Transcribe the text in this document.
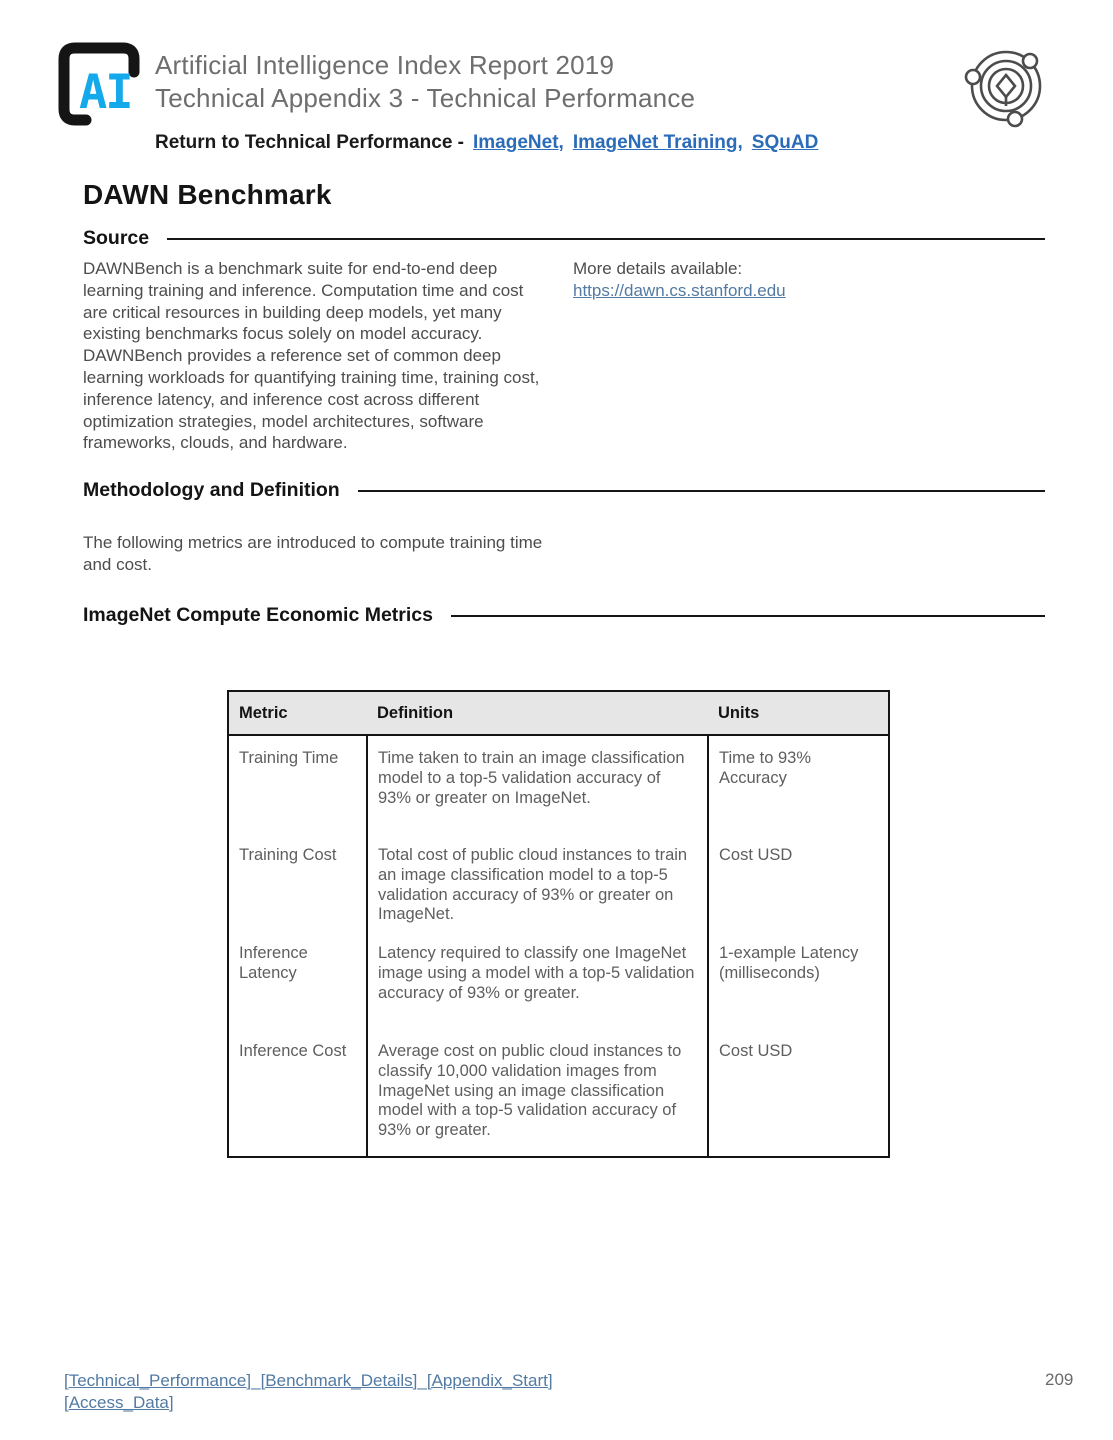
AI Artificial Intelligence Index Report 2019
Technical Appendix 3 - Technical Performance
Return to Technical Performance - ImageNet, ImageNet Training, SQuAD
DAWN Benchmark
Source

DAWNBench is a benchmark suite for end-to-end deep learning training and inference. Computation time and cost are critical resources in building deep models, yet many existing benchmarks focus solely on model accuracy. DAWNBench provides a reference set of common deep learning workloads for quantifying training time, training cost, inference latency, and inference cost across different optimization strategies, model architectures, software frameworks, clouds, and hardware.

More details available:
https://dawn.cs.stanford.edu
Methodology and Definition

The following metrics are introduced to compute training time and cost.

ImageNet Compute Economic Metrics
Metric	Definition	Units
Training Time	Time taken to train an image classification model to a top-5 validation accuracy of 93% or greater on ImageNet.	Time to 93% Accuracy
Training Cost	Total cost of public cloud instances to train an image classification model to a top-5 validation accuracy of 93% or greater on ImageNet.	Cost USD
Inference Latency	Latency required to classify one ImageNet image using a model with a top-5 validation accuracy of 93% or greater.	1-example Latency (milliseconds)
Inference Cost	Average cost on public cloud instances to classify 10,000 validation images from ImageNet using an image classification model with a top-5 validation accuracy of 93% or greater.	Cost USD
[Technical_Performance]_[Benchmark_Details]_[Appendix_Start]
[Access_Data]
209
